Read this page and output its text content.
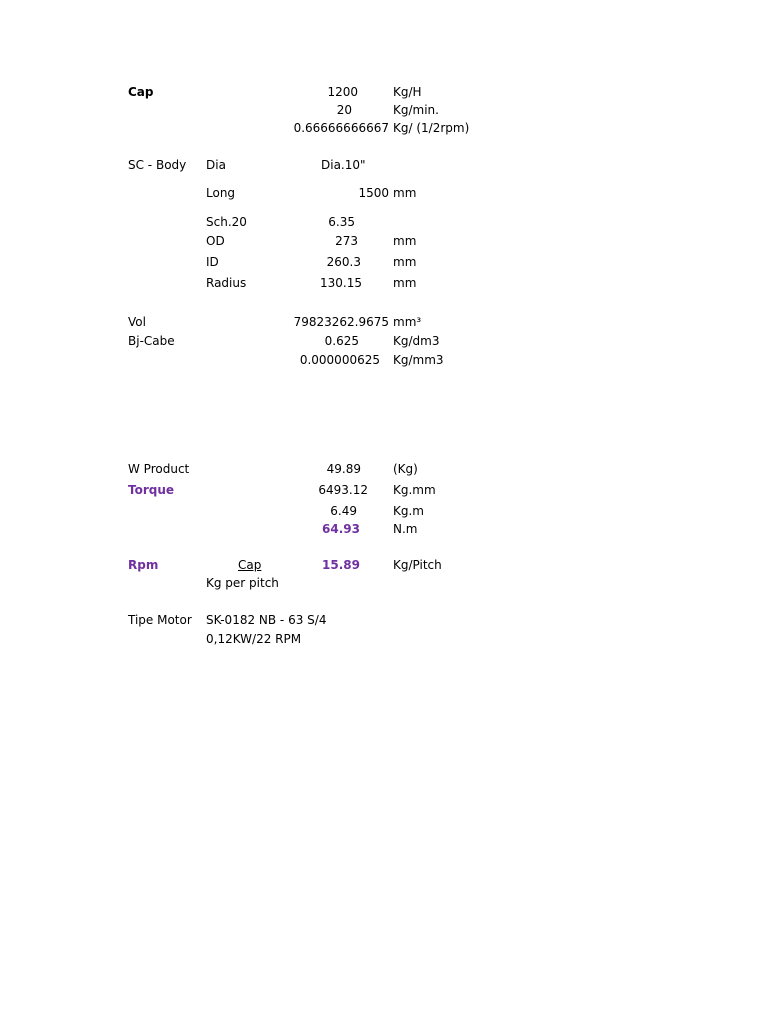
Cap	1200	Kg/H
20	Kg/min.
0.66666666667 Kg/ (1/2rpm)
SC - Body Dia	Dia.10"
Long	1500 mm
Sch.20	6.35
OD	273	mm
ID	260.3	mm
Radius	130.15	mm
Vol	79823262.9675 mm³
Bj-Cabe	0.625	Kg/dm3
0.000000625 Kg/mm3
W Product	49.89	(Kg)
Torque	6493.12 Kg.mm
6.49	Kg.m
64.93	N.m
Rpm	Cap	15.89	Kg/Pitch
Kg per pitch
Tipe Motor SK-0182 NB - 63 S/4
0,12KW/22 RPM
